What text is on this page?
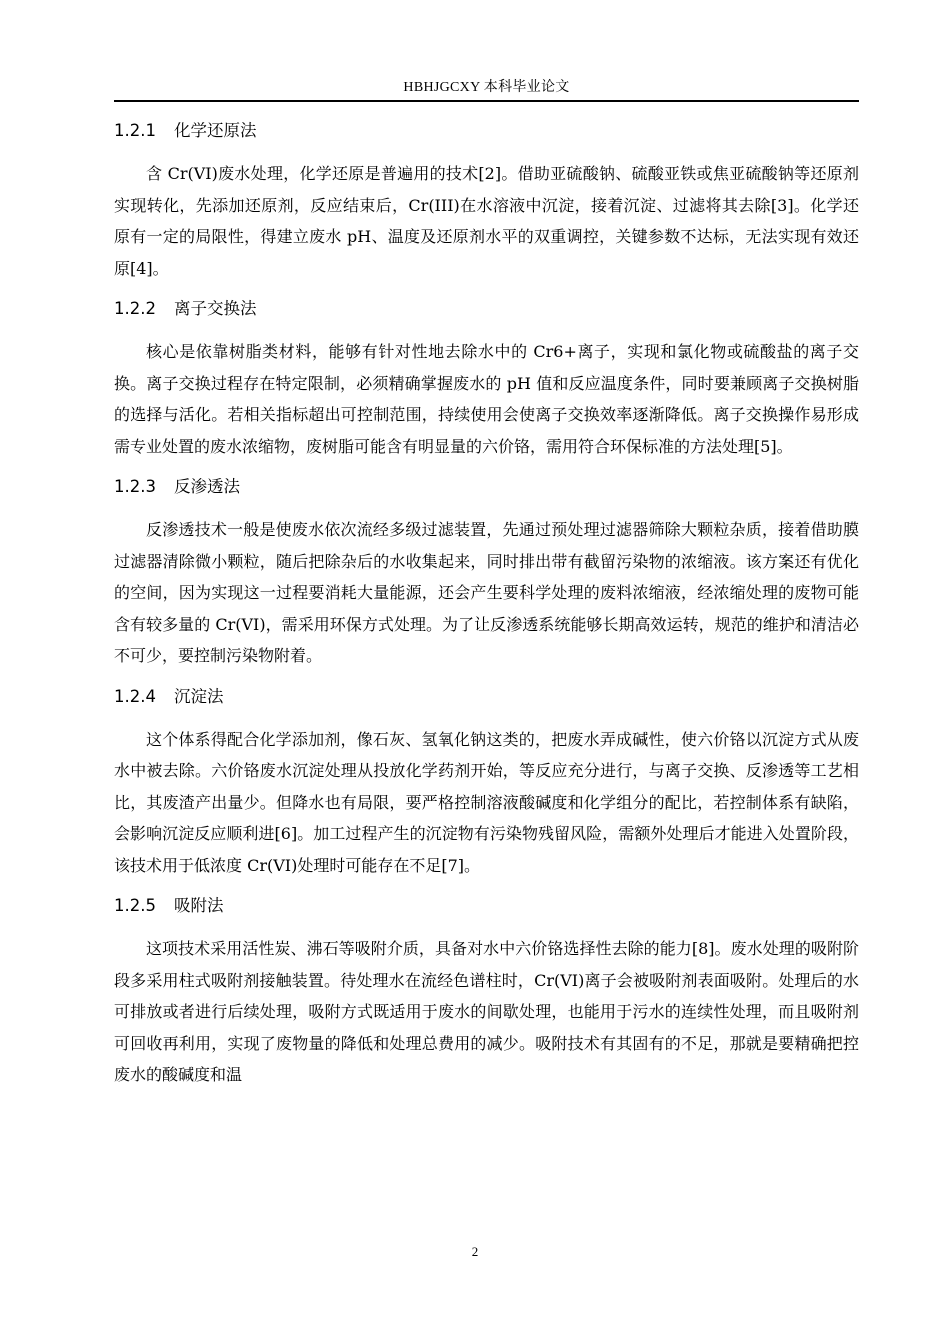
HBHJGCXY 本科毕业论文
1.2.1 化学还原法

含 Cr(VI)废水处理，化学还原是普遍用的技术[2]。借助亚硫酸钠、硫酸亚铁或焦亚硫酸钠等还原剂实现转化，先添加还原剂，反应结束后，Cr(III)在水溶液中沉淀，接着沉淀、过滤将其去除[3]。化学还原有一定的局限性，得建立废水 pH、温度及还原剂水平的双重调控，关键参数不达标，无法实现有效还原[4]。

1.2.2 离子交换法

核心是依靠树脂类材料，能够有针对性地去除水中的 Cr6+离子，实现和氯化物或硫酸盐的离子交换。离子交换过程存在特定限制，必须精确掌握废水的 pH 值和反应温度条件，同时要兼顾离子交换树脂的选择与活化。若相关指标超出可控制范围，持续使用会使离子交换效率逐渐降低。离子交换操作易形成需专业处置的废水浓缩物，废树脂可能含有明显量的六价铬，需用符合环保标准的方法处理[5]。

1.2.3 反渗透法

反渗透技术一般是使废水依次流经多级过滤装置，先通过预处理过滤器筛除大颗粒杂质，接着借助膜过滤器清除微小颗粒，随后把除杂后的水收集起来，同时排出带有截留污染物的浓缩液。该方案还有优化的空间，因为实现这一过程要消耗大量能源，还会产生要科学处理的废料浓缩液，经浓缩处理的废物可能含有较多量的 Cr(VI)，需采用环保方式处理。为了让反渗透系统能够长期高效运转，规范的维护和清洁必不可少，要控制污染物附着。

1.2.4 沉淀法

这个体系得配合化学添加剂，像石灰、氢氧化钠这类的，把废水弄成碱性，使六价铬以沉淀方式从废水中被去除。六价铬废水沉淀处理从投放化学药剂开始，等反应充分进行，与离子交换、反渗透等工艺相比，其废渣产出量少。但降水也有局限，要严格控制溶液酸碱度和化学组分的配比，若控制体系有缺陷，会影响沉淀反应顺利进[6]。加工过程产生的沉淀物有污染物残留风险，需额外处理后才能进入处置阶段，该技术用于低浓度 Cr(VI)处理时可能存在不足[7]。

1.2.5 吸附法

这项技术采用活性炭、沸石等吸附介质，具备对水中六价铬选择性去除的能力[8]。废水处理的吸附阶段多采用柱式吸附剂接触装置。待处理水在流经色谱柱时，Cr(VI)离子会被吸附剂表面吸附。处理后的水可排放或者进行后续处理，吸附方式既适用于废水的间歇处理，也能用于污水的连续性处理，而且吸附剂可回收再利用，实现了废物量的降低和处理总费用的减少。吸附技术有其固有的不足，那就是要精确把控废水的酸碱度和温

2
